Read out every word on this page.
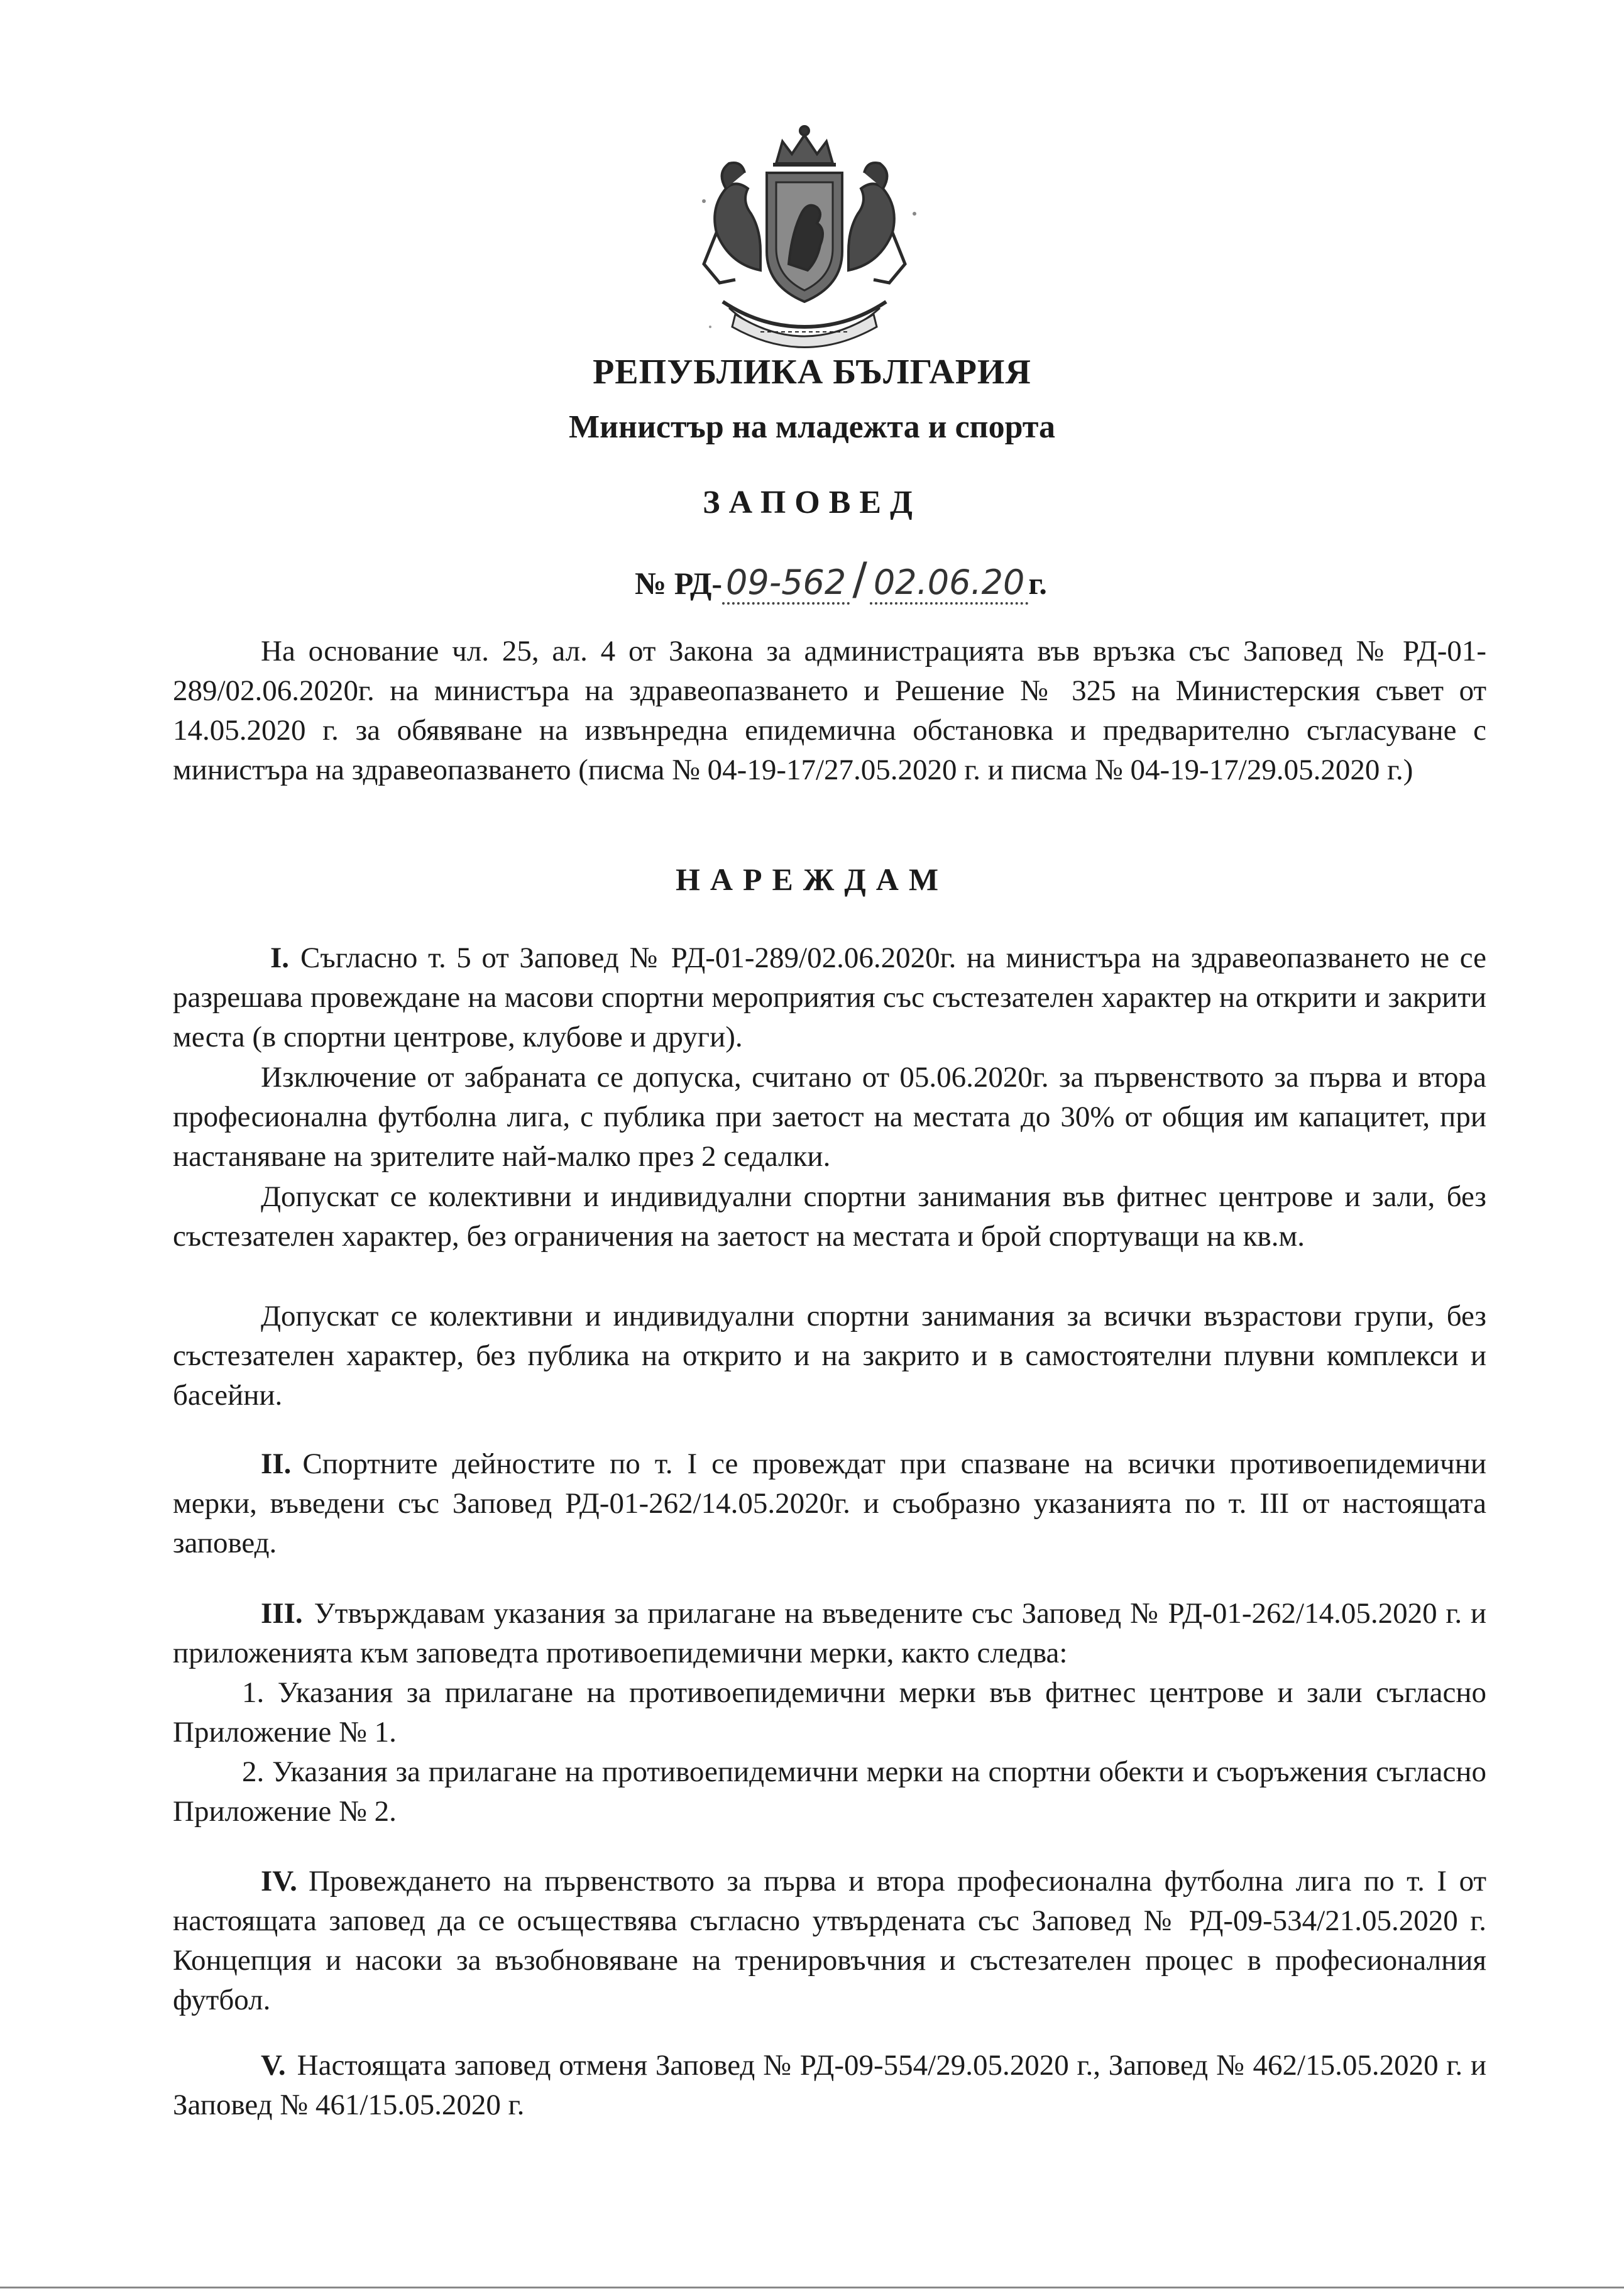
РЕПУБЛИКА БЪЛГАРИЯ
Министър на младежта и спорта
ЗАПОВЕД
№ РД- 09-562 / 02.06.20 г.
На основание чл. 25, ал. 4 от Закона за администрацията във връзка със Заповед № РД-01-289/02.06.2020г. на министъра на здравеопазването и Решение № 325 на Министерския съвет от 14.05.2020 г. за обявяване на извънредна епидемична обстановка и предварително съгласуване с министъра на здравеопазването (писма № 04-19-17/27.05.2020 г. и писма № 04-19-17/29.05.2020 г.)
НАРЕЖДАМ
I. Съгласно т. 5 от Заповед № РД-01-289/02.06.2020г. на министъра на здравеопазването не се разрешава провеждане на масови спортни мероприятия със състезателен характер на открити и закрити места (в спортни центрове, клубове и други).
Изключение от забраната се допуска, считано от 05.06.2020г. за първенството за първа и втора професионална футболна лига, с публика при заетост на местата до 30% от общия им капацитет, при настаняване на зрителите най-малко през 2 седалки.
Допускат се колективни и индивидуални спортни занимания във фитнес центрове и зали, без състезателен характер, без ограничения на заетост на местата и брой спортуващи на кв.м.
Допускат се колективни и индивидуални спортни занимания за всички възрастови групи, без състезателен характер, без публика на открито и на закрито и в самостоятелни плувни комплекси и басейни.
II. Спортните дейностите по т. I се провеждат при спазване на всички противоепидемични мерки, въведени със Заповед РД-01-262/14.05.2020г. и съобразно указанията по т. III от настоящата заповед.
III. Утвърждавам указания за прилагане на въведените със Заповед № РД-01-262/14.05.2020 г. и приложенията към заповедта противоепидемични мерки, както следва:
1. Указания за прилагане на противоепидемични мерки във фитнес центрове и зали съгласно Приложение № 1.
2. Указания за прилагане на противоепидемични мерки на спортни обекти и съоръжения съгласно Приложение № 2.
IV. Провеждането на първенството за първа и втора професионална футболна лига по т. I от настоящата заповед да се осъществява съгласно утвърдената със Заповед № РД-09-534/21.05.2020 г. Концепция и насоки за възобновяване на тренировъчния и състезателен процес в професионалния футбол.
V. Настоящата заповед отменя Заповед № РД-09-554/29.05.2020 г., Заповед № 462/15.05.2020 г. и Заповед № 461/15.05.2020 г.
